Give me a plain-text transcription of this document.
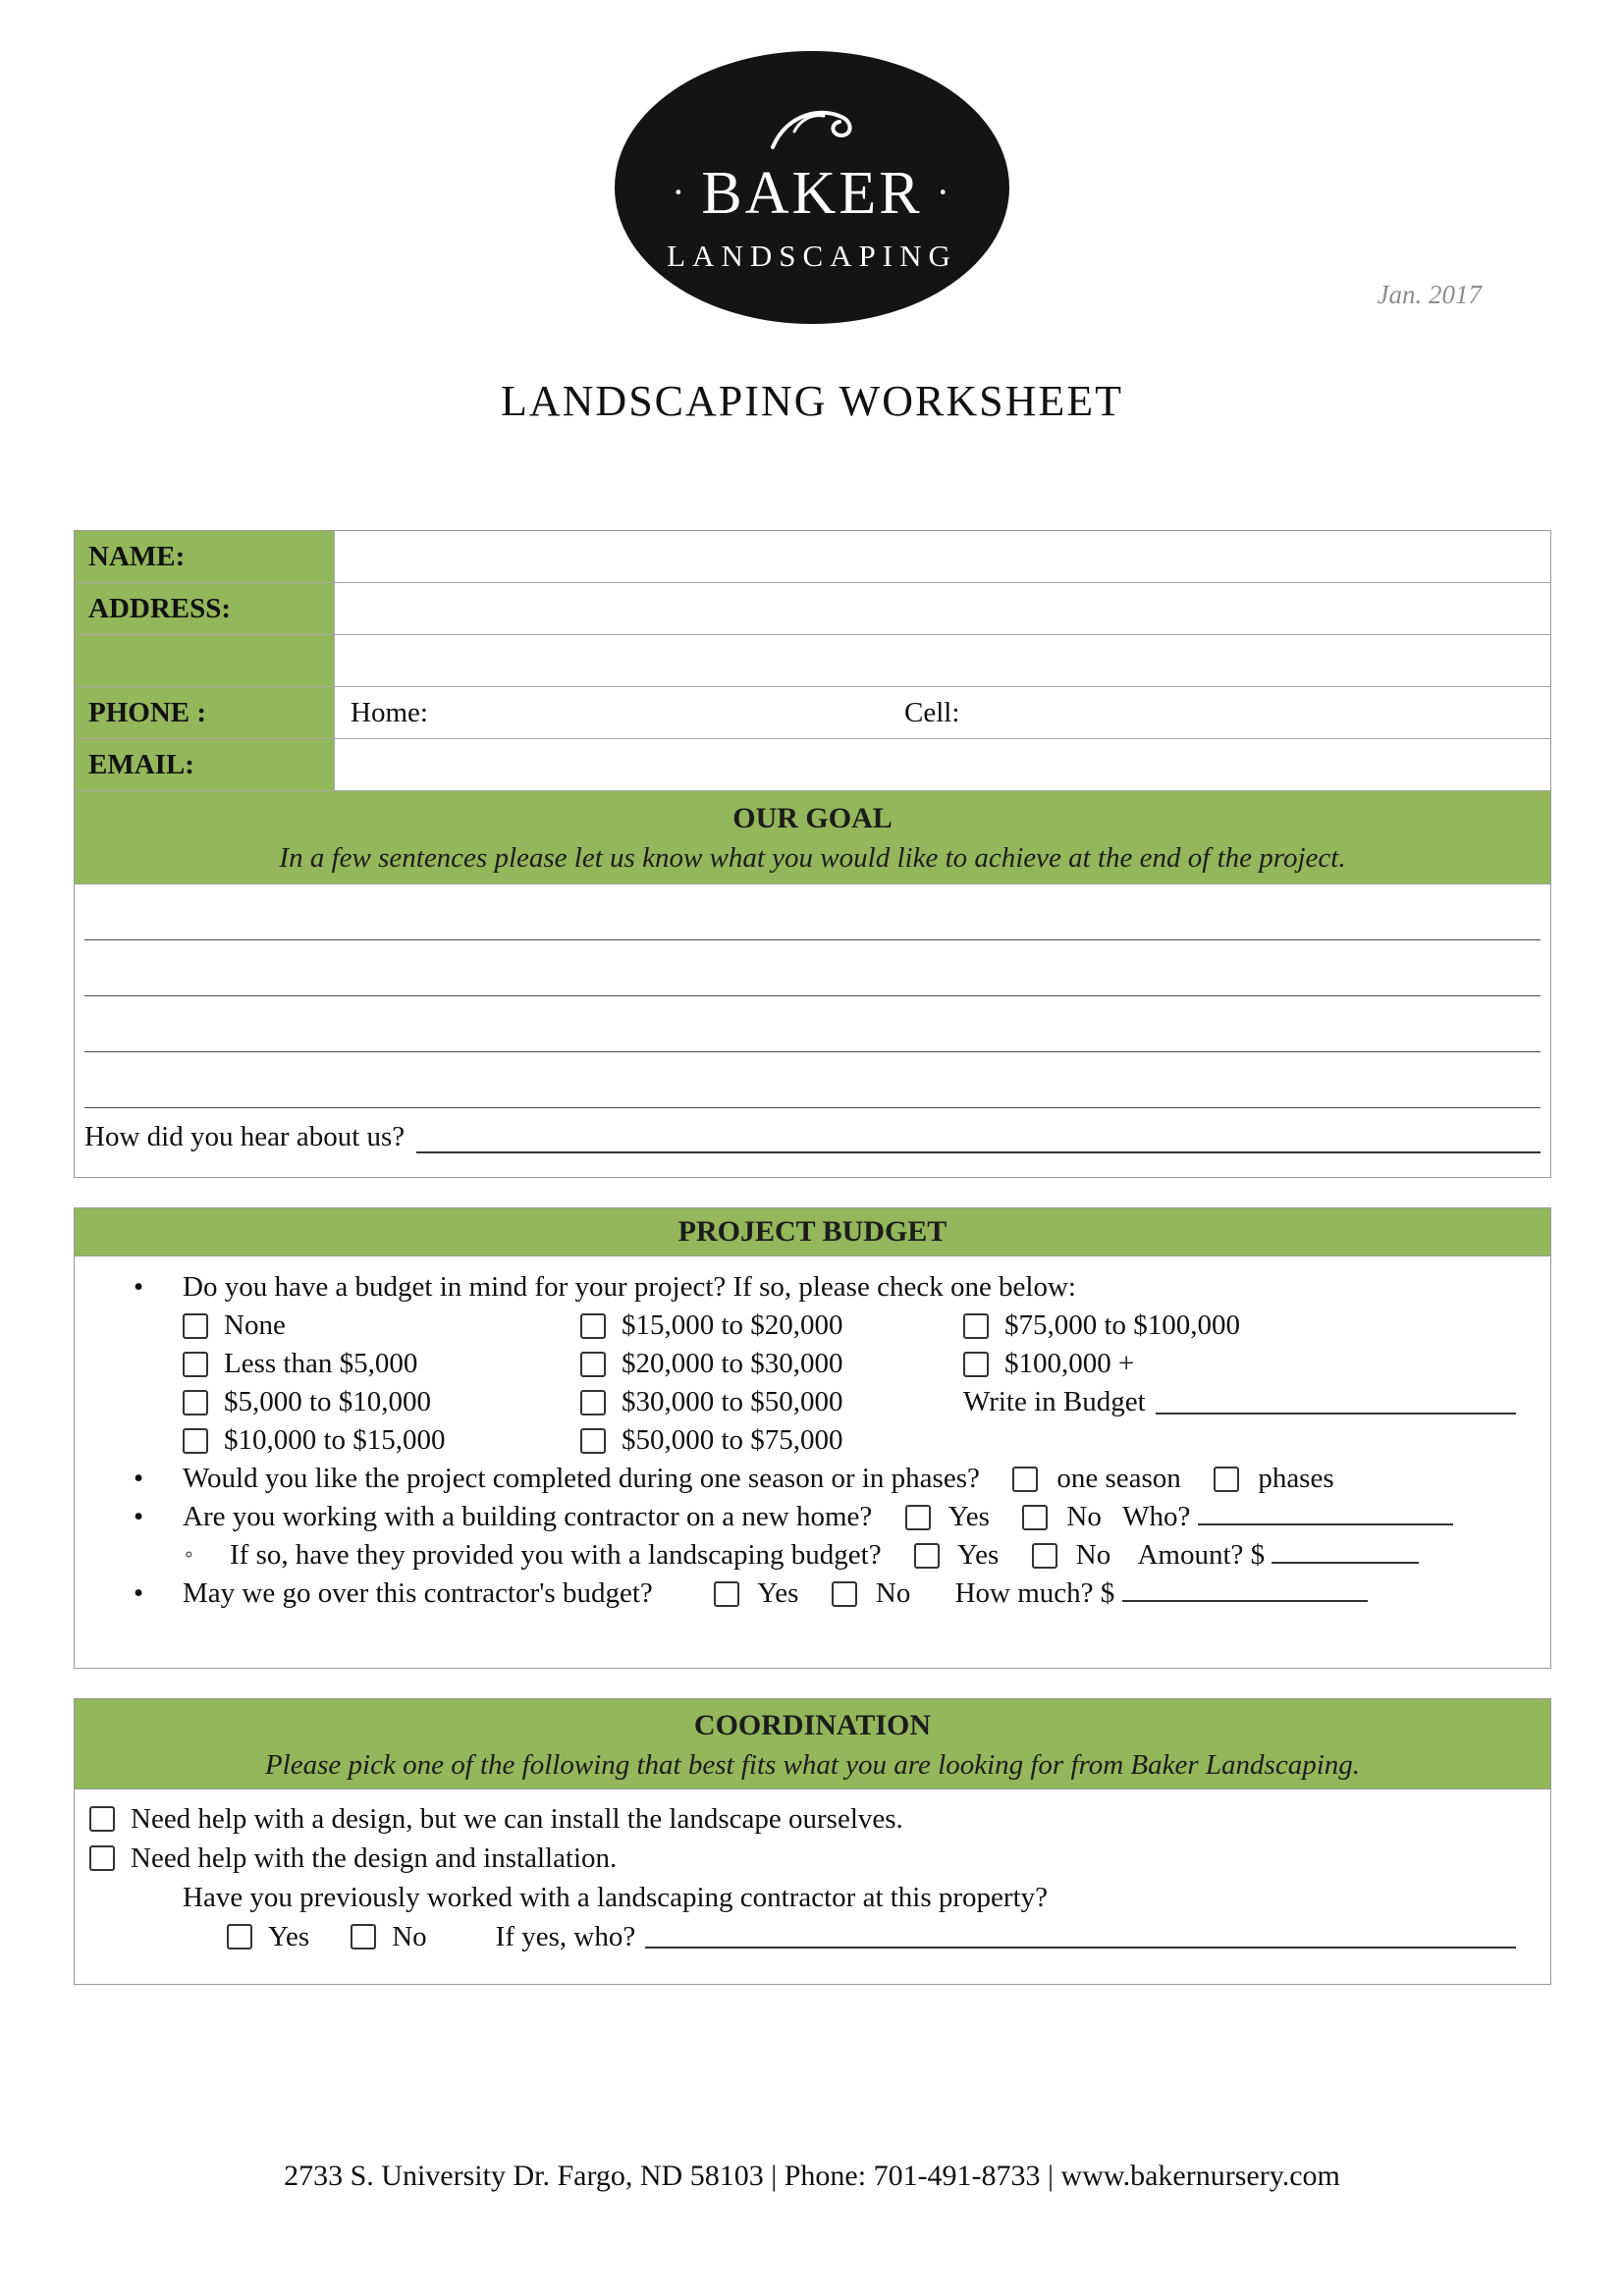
· BAKER ·
LANDSCAPING
Jan. 2017
LANDSCAPING WORKSHEET
NAME:
ADDRESS:
PHONE :	Home:	Cell:
EMAIL:
OUR GOAL
In a few sentences please let us know what you would like to achieve at the end of the project.
How did you hear about us?
PROJECT BUDGET
• Do you have a budget in mind for your project? If so, please check one below:
None	$15,000 to $20,000	$75,000 to $100,000
Less than $5,000	$20,000 to $30,000	$100,000 +
$5,000 to $10,000	$30,000 to $50,000	Write in Budget
$10,000 to $15,000	$50,000 to $75,000
• Would you like the project completed during one season or in phases?	one season	phases
• Are you working with a building contractor on a new home?	Yes	No Who?
◦ If so, have they provided you with a landscaping budget?	Yes	No Amount? $
• May we go over this contractor's budget?	Yes	No How much? $
COORDINATION
Please pick one of the following that best fits what you are looking for from Baker Landscaping.
Need help with a design, but we can install the landscape ourselves.
Need help with the design and installation.
Have you previously worked with a landscaping contractor at this property?
Yes	No If yes, who?
2733 S. University Dr. Fargo, ND 58103 | Phone: 701-491-8733 | www.bakernursery.com
